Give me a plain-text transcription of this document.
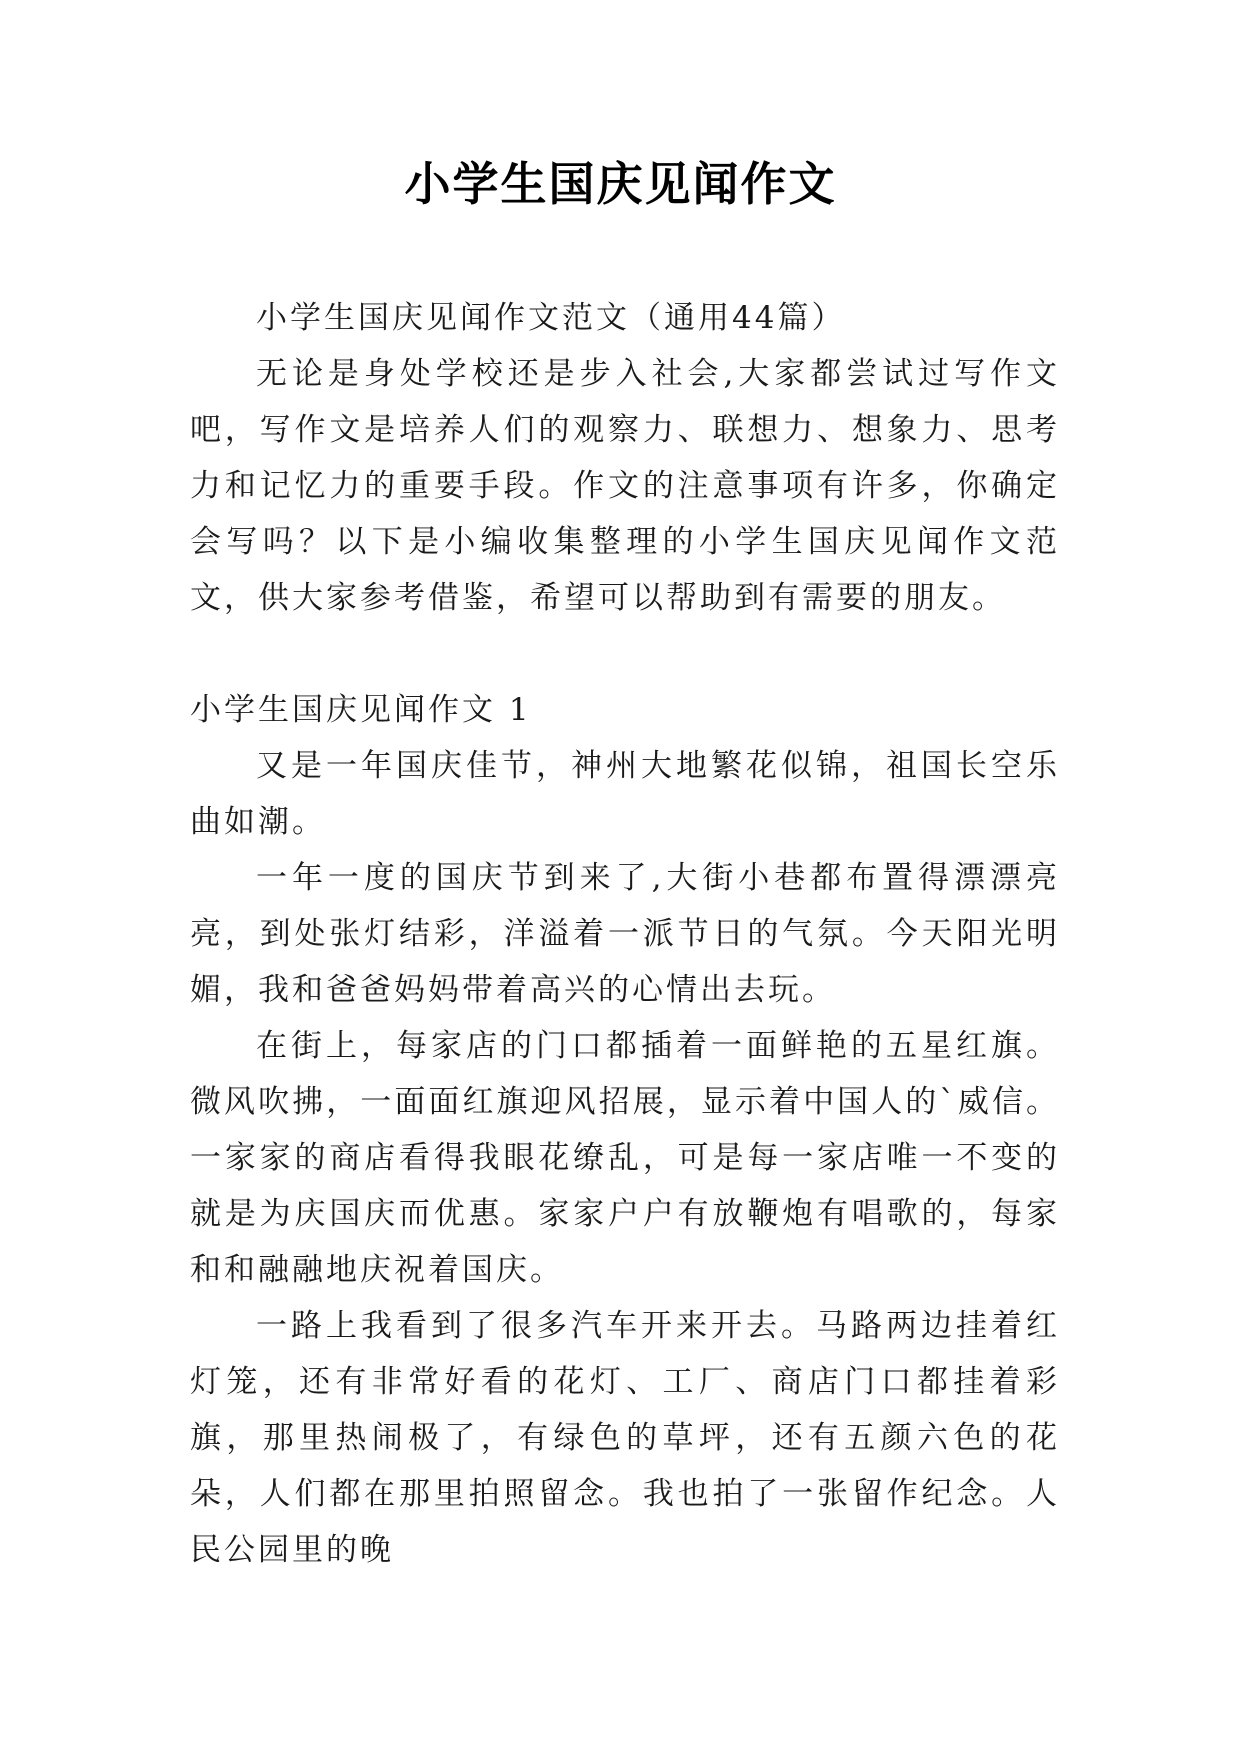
小学生国庆见闻作文

小学生国庆见闻作文范文（通用44篇）

无论是身处学校还是步入社会,大家都尝试过写作文吧，写作文是培养人们的观察力、联想力、想象力、思考力和记忆力的重要手段。作文的注意事项有许多，你确定会写吗？以下是小编收集整理的小学生国庆见闻作文范文，供大家参考借鉴，希望可以帮助到有需要的朋友。

小学生国庆见闻作文 1

又是一年国庆佳节，神州大地繁花似锦，祖国长空乐曲如潮。

一年一度的国庆节到来了,大街小巷都布置得漂漂亮亮，到处张灯结彩，洋溢着一派节日的气氛。今天阳光明媚，我和爸爸妈妈带着高兴的心情出去玩。

在街上，每家店的门口都插着一面鲜艳的五星红旗。微风吹拂，一面面红旗迎风招展，显示着中国人的`威信。一家家的商店看得我眼花缭乱，可是每一家店唯一不变的就是为庆国庆而优惠。家家户户有放鞭炮有唱歌的，每家和和融融地庆祝着国庆。

一路上我看到了很多汽车开来开去。马路两边挂着红灯笼，还有非常好看的花灯、工厂、商店门口都挂着彩旗，那里热闹极了，有绿色的草坪，还有五颜六色的花朵，人们都在那里拍照留念。我也拍了一张留作纪念。人民公园里的晚
